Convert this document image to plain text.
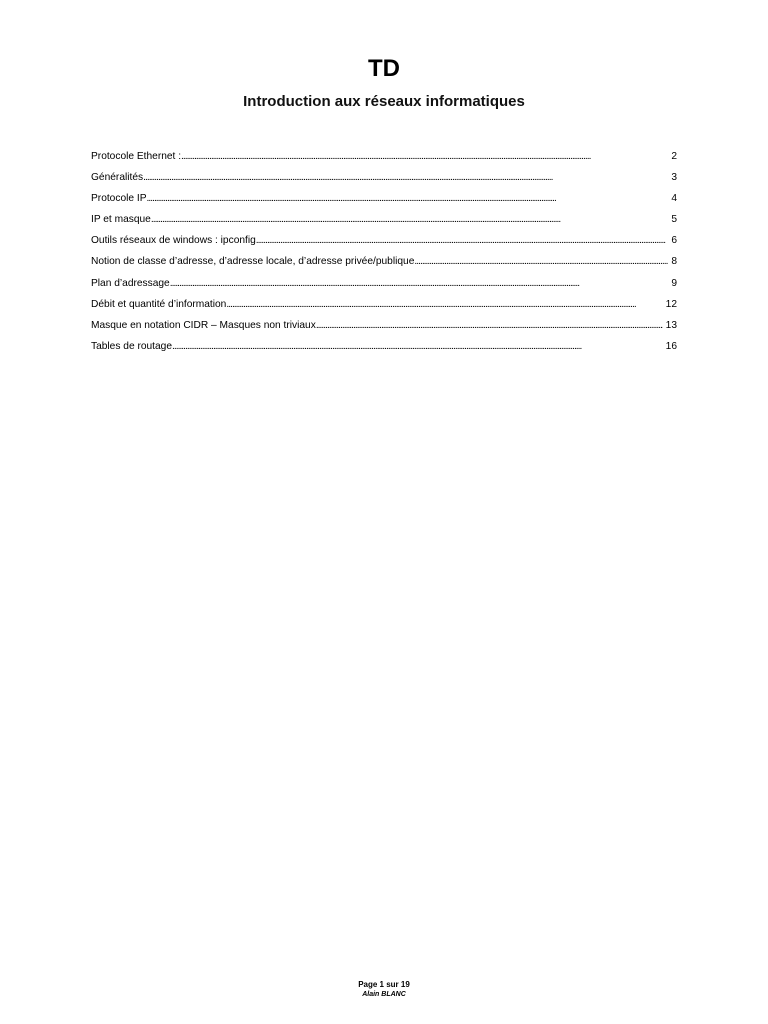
TD
Introduction aux réseaux informatiques
Protocole Ethernet : . . .	2
Généralités . . .	3
Protocole IP . . .	4
IP et masque . . .	5
Outils réseaux de windows : ipconfig . . .	6
Notion de classe d’adresse, d’adresse locale, d’adresse privée/publique . . .	8
Plan d’adressage . . .	9
Débit et quantité d’information . . .	12
Masque en notation CIDR – Masques non triviaux . . .	13
Tables de routage . . .	16
Page 1 sur 19
Alain BLANC
